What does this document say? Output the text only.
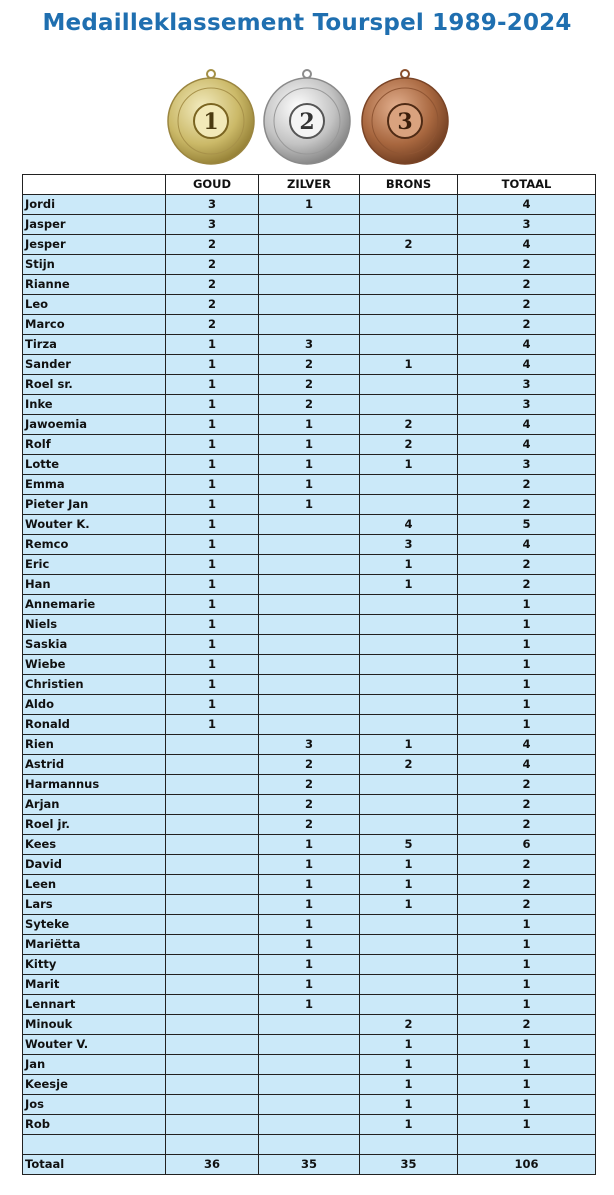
Medailleklassement Tourspel 1989-2024
1	2	3
	GOUD	ZILVER	BRONS	TOTAAL
Jordi	3	1		4
Jasper	3			3
Jesper	2		2	4
Stijn	2			2
Rianne	2			2
Leo	2			2
Marco	2			2
Tirza	1	3		4
Sander	1	2	1	4
Roel sr.	1	2		3
Inke	1	2		3
Jawoemia	1	1	2	4
Rolf	1	1	2	4
Lotte	1	1	1	3
Emma	1	1		2
Pieter Jan	1	1		2
Wouter K.	1		4	5
Remco	1		3	4
Eric	1		1	2
Han	1		1	2
Annemarie	1			1
Niels	1			1
Saskia	1			1
Wiebe	1			1
Christien	1			1
Aldo	1			1
Ronald	1			1
Rien		3	1	4
Astrid		2	2	4
Harmannus		2		2
Arjan		2		2
Roel jr.		2		2
Kees		1	5	6
David		1	1	2
Leen		1	1	2
Lars		1	1	2
Syteke		1		1
Mariëtta		1		1
Kitty		1		1
Marit		1		1
Lennart		1		1
Minouk			2	2
Wouter V.			1	1
Jan			1	1
Keesje			1	1
Jos			1	1
Rob			1	1

Totaal	36	35	35	106
